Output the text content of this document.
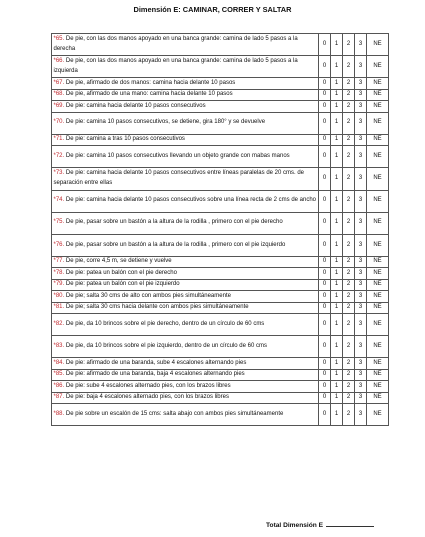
Dimensión E: CAMINAR, CORRER Y SALTAR
*65. De pie, con las dos manos apoyado en una banca grande: camina de lado 5 pasos a la derecha	0	1	2	3	NE
*66. De pie, con las dos manos apoyado en una banca grande: camina de lado 5 pasos a la izquierda	0	1	2	3	NE
*67. De pie, afirmado de dos manos: camina hacia delante 10 pasos	0	1	2	3	NE
*68. De pie, afirmado de una mano: camina hacia delante 10 pasos	0	1	2	3	NE
*69. De pie: camina hacia delante 10 pasos consecutivos	0	1	2	3	NE
*70. De pie: camina 10 pasos consecutivos, se detiene, gira 180° y se devuelve	0	1	2	3	NE
*71. De pie: camina a tras 10 pasos consecutivos	0	1	2	3	NE
*72. De pie: camina 10 pasos consecutivos llevando un objeto grande con mabas manos	0	1	2	3	NE
*73. De pie: camina hacia delante 10 pasos consecutivos entre líneas paralelas de 20 cms. de separación entre ellas	0	1	2	3	NE
*74. De pie: camina hacia delante 10 pasos consecutivos sobre una línea recta de 2 cms de ancho	0	1	2	3	NE
*75. De pie, pasar sobre un bastón a la altura de la rodilla , primero con el pie derecho	0	1	2	3	NE
*76. De pie, pasar sobre un bastón a la altura de la rodilla , primero con el pie izquierdo	0	1	2	3	NE
*77. De pie, corre 4,5 m, se detiene y vuelve	0	1	2	3	NE
*78. De pie: patea un balón con el pie derecho	0	1	2	3	NE
*79. De pie: patea un balón con el pie izquierdo	0	1	2	3	NE
*80. De pie; salta 30 cms de alto con ambos pies simultáneamente	0	1	2	3	NE
*81. De pie; salta 30 cms hacia delante con ambos pies simultáneamente	0	1	2	3	NE
*82. De pie, da 10 brincos sobre el pie derecho, dentro de un círculo de 60 cms	0	1	2	3	NE
*83. De pie, da 10 brincos sobre el pie izquierdo, dentro de un círculo de 60 cms	0	1	2	3	NE
*84. De pie: afirmado de una baranda, sube 4 escalones alternando pies	0	1	2	3	NE
*85. De pie: afirmado de una baranda, baja 4 escalones alternando pies	0	1	2	3	NE
*86. De pie: sube 4 escalones alternado pies, con los brazos libres	0	1	2	3	NE
*87. De pie: baja 4 escalones alternado pies, con los brazos libres	0	1	2	3	NE
*88. De pie sobre un escalón de 15 cms: salta abajo con ambos pies simultáneamente	0	1	2	3	NE
Total Dimensión E
